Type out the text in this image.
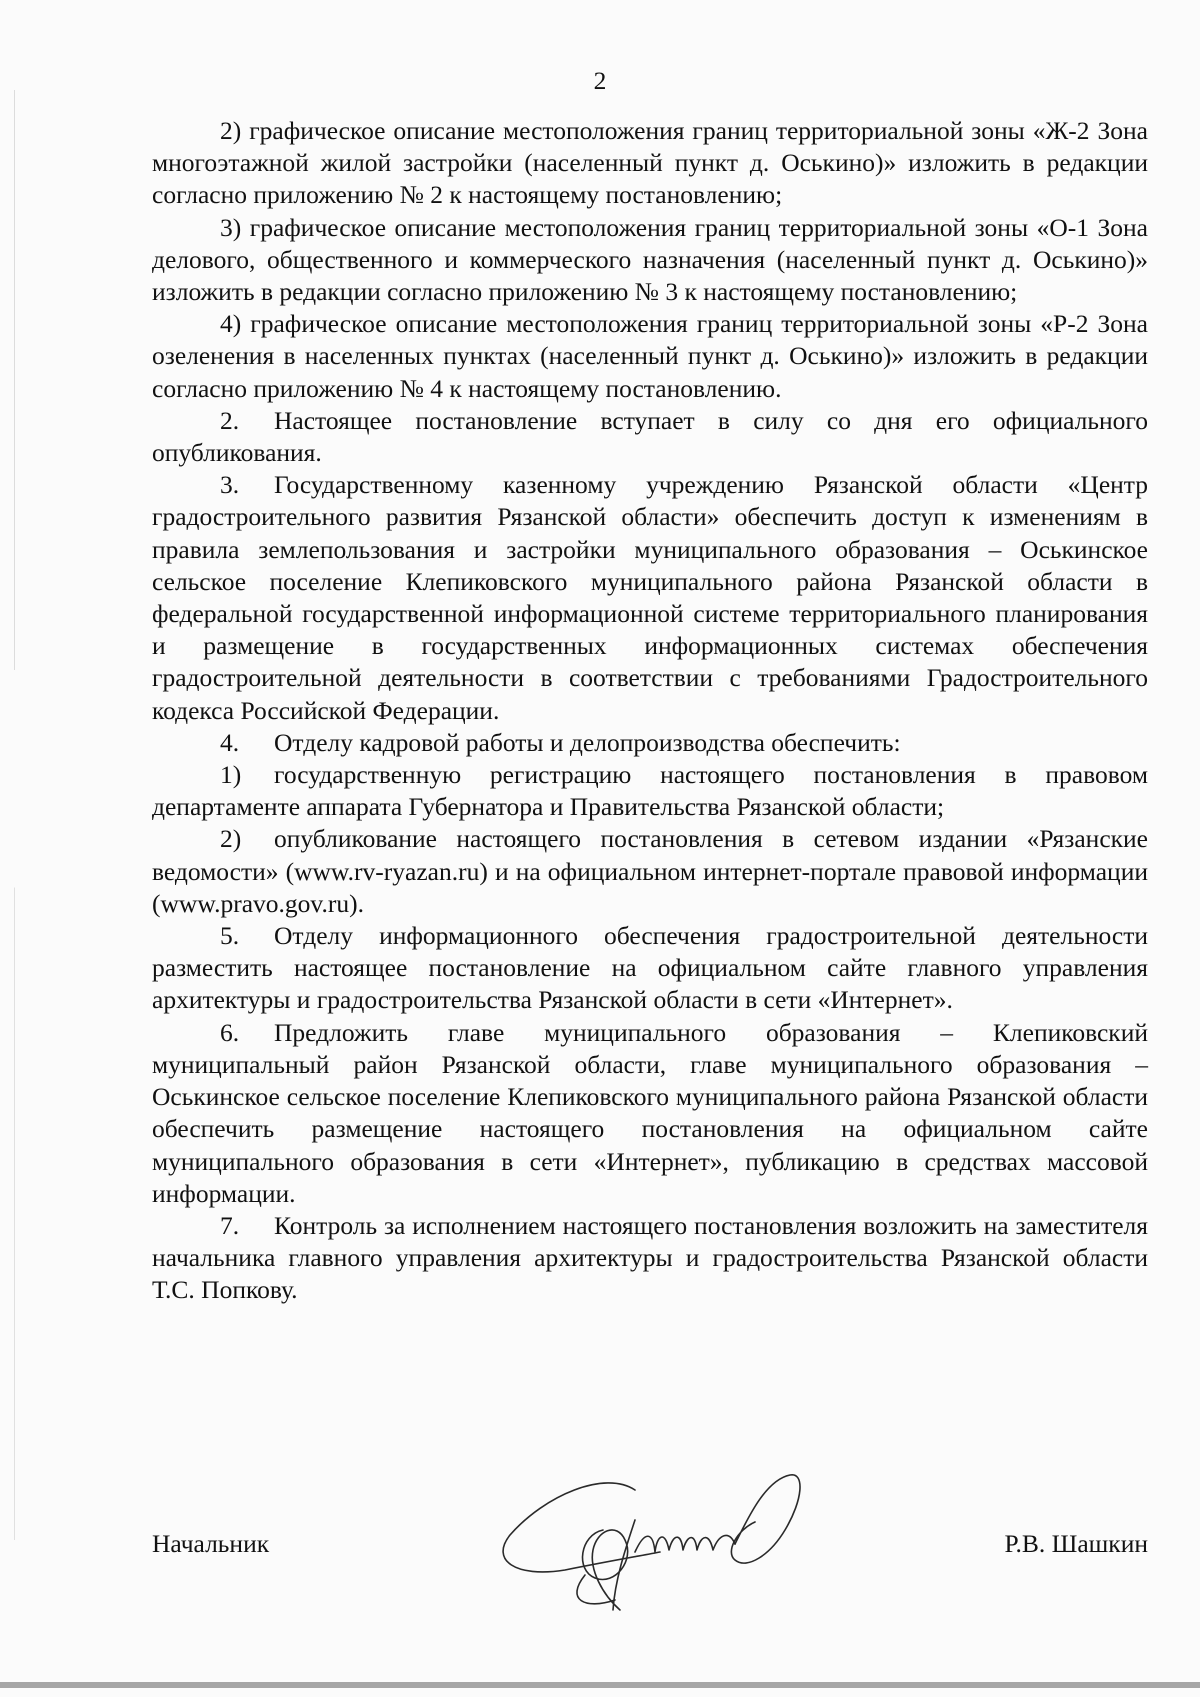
2

2) графическое описание местоположения границ территориальной зоны «Ж-2 Зона многоэтажной жилой застройки (населенный пункт д. Оськино)» изложить в редакции согласно приложению № 2 к настоящему постановлению;

3) графическое описание местоположения границ территориальной зоны «О-1 Зона делового, общественного и коммерческого назначения (населенный пункт д. Оськино)» изложить в редакции согласно приложению № 3 к настоящему постановлению;

4) графическое описание местоположения границ территориальной зоны «Р-2 Зона озеленения в населенных пунктах (населенный пункт д. Оськино)» изложить в редакции согласно приложению № 4 к настоящему постановлению.

2. Настоящее постановление вступает в силу со дня его официального опубликования.

3. Государственному казенному учреждению Рязанской области «Центр градостроительного развития Рязанской области» обеспечить доступ к изменениям в правила землепользования и застройки муниципального образования – Оськинское сельское поселение Клепиковского муниципального района Рязанской области в федеральной государственной информационной системе территориального планирования и размещение в государственных информационных системах обеспечения градостроительной деятельности в соответствии с требованиями Градостроительного кодекса Российской Федерации.

4. Отделу кадровой работы и делопроизводства обеспечить:

1) государственную регистрацию настоящего постановления в правовом департаменте аппарата Губернатора и Правительства Рязанской области;

2) опубликование настоящего постановления в сетевом издании «Рязанские ведомости» (www.rv-ryazan.ru) и на официальном интернет-портале правовой информации (www.pravo.gov.ru).

5. Отделу информационного обеспечения градостроительной деятельности разместить настоящее постановление на официальном сайте главного управления архитектуры и градостроительства Рязанской области в сети «Интернет».

6. Предложить главе муниципального образования – Клепиковский муниципальный район Рязанской области, главе муниципального образования – Оськинское сельское поселение Клепиковского муниципального района Рязанской области обеспечить размещение настоящего постановления на официальном сайте муниципального образования в сети «Интернет», публикацию в средствах массовой информации.

7. Контроль за исполнением настоящего постановления возложить на заместителя начальника главного управления архитектуры и градостроительства Рязанской области Т.С. Попкову.

Начальник	Р.В. Шашкин
